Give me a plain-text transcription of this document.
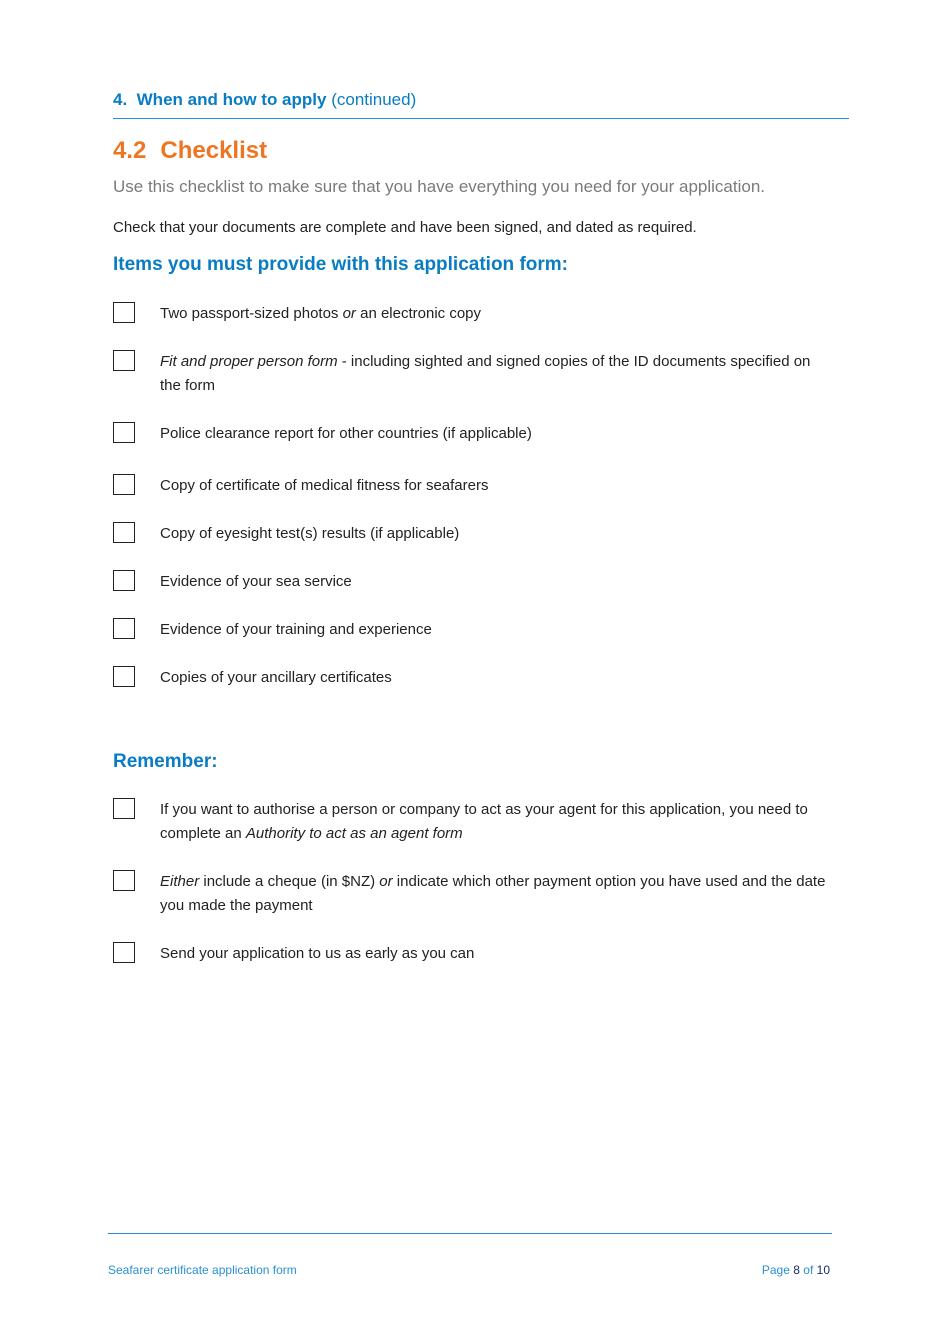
4. When and how to apply (continued)
4.2 Checklist
Use this checklist to make sure that you have everything you need for your application.
Check that your documents are complete and have been signed, and dated as required.
Items you must provide with this application form:
Two passport-sized photos or an electronic copy
Fit and proper person form - including sighted and signed copies of the ID documents specified on the form
Police clearance report for other countries (if applicable)
Copy of certificate of medical fitness for seafarers
Copy of eyesight test(s) results (if applicable)
Evidence of your sea service
Evidence of your training and experience
Copies of your ancillary certificates
Remember:
If you want to authorise a person or company to act as your agent for this application, you need to complete an Authority to act as an agent form
Either include a cheque (in $NZ) or indicate which other payment option you have used and the date you made the payment
Send your application to us as early as you can
Seafarer certificate application form	Page 8 of 10
